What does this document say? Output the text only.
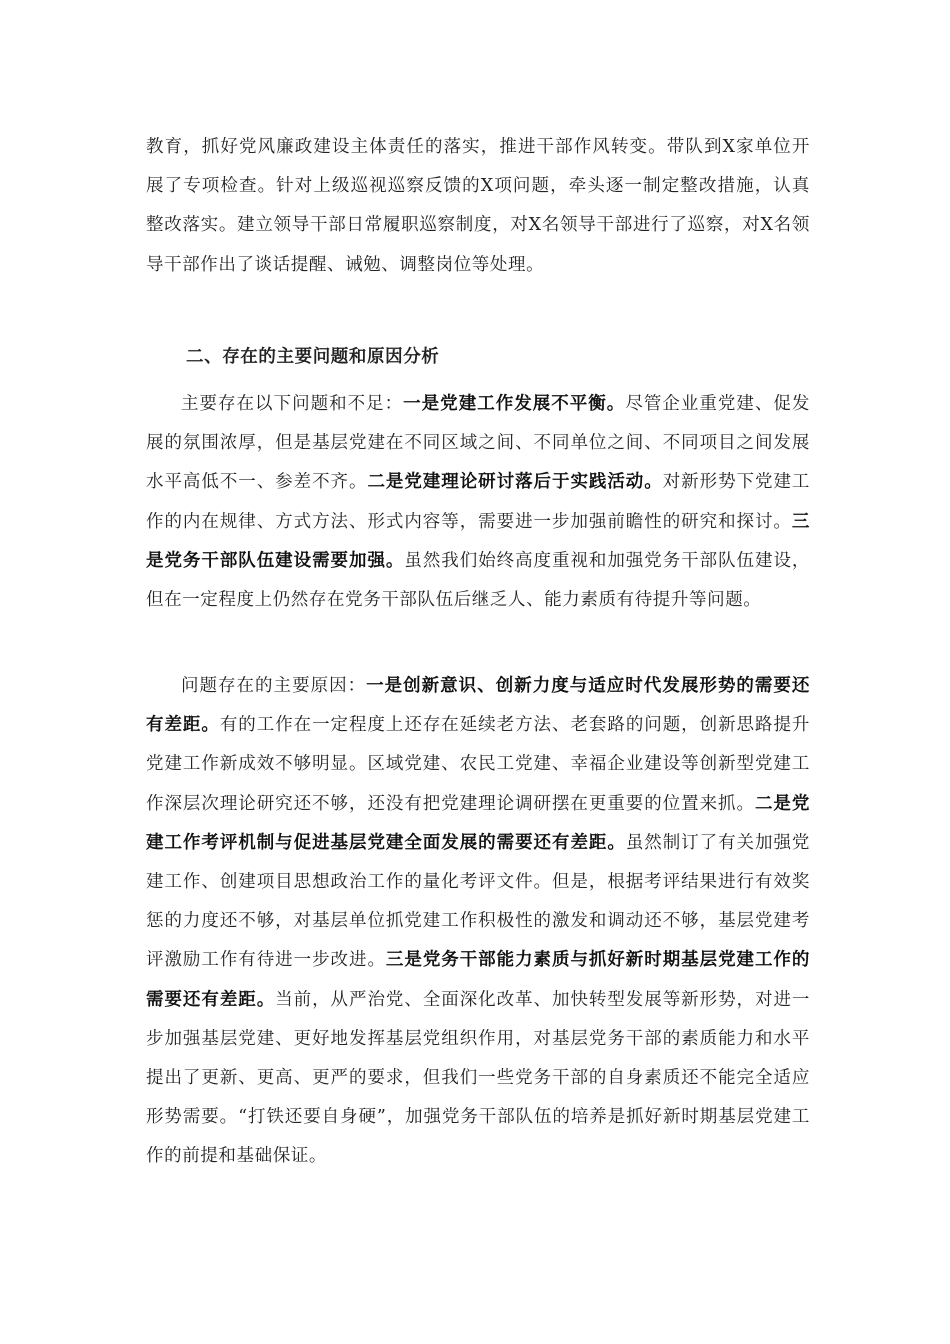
教育，抓好党风廉政建设主体责任的落实，推进干部作风转变。带队到X家单位开展了专项检查。针对上级巡视巡察反馈的X项问题，牵头逐一制定整改措施，认真整改落实。建立领导干部日常履职巡察制度，对X名领导干部进行了巡察，对X名领导干部作出了谈话提醒、诫勉、调整岗位等处理。

二、存在的主要问题和原因分析

主要存在以下问题和不足：一是党建工作发展不平衡。尽管企业重党建、促发展的氛围浓厚，但是基层党建在不同区域之间、不同单位之间、不同项目之间发展水平高低不一、参差不齐。二是党建理论研讨落后于实践活动。对新形势下党建工作的内在规律、方式方法、形式内容等，需要进一步加强前瞻性的研究和探讨。三是党务干部队伍建设需要加强。虽然我们始终高度重视和加强党务干部队伍建设，但在一定程度上仍然存在党务干部队伍后继乏人、能力素质有待提升等问题。

问题存在的主要原因：一是创新意识、创新力度与适应时代发展形势的需要还有差距。有的工作在一定程度上还存在延续老方法、老套路的问题，创新思路提升党建工作新成效不够明显。区域党建、农民工党建、幸福企业建设等创新型党建工作深层次理论研究还不够，还没有把党建理论调研摆在更重要的位置来抓。二是党建工作考评机制与促进基层党建全面发展的需要还有差距。虽然制订了有关加强党建工作、创建项目思想政治工作的量化考评文件。但是，根据考评结果进行有效奖惩的力度还不够，对基层单位抓党建工作积极性的激发和调动还不够，基层党建考评激励工作有待进一步改进。三是党务干部能力素质与抓好新时期基层党建工作的需要还有差距。当前，从严治党、全面深化改革、加快转型发展等新形势，对进一步加强基层党建、更好地发挥基层党组织作用，对基层党务干部的素质能力和水平提出了更新、更高、更严的要求，但我们一些党务干部的自身素质还不能完全适应形势需要。“打铁还要自身硬”，加强党务干部队伍的培养是抓好新时期基层党建工作的前提和基础保证。
